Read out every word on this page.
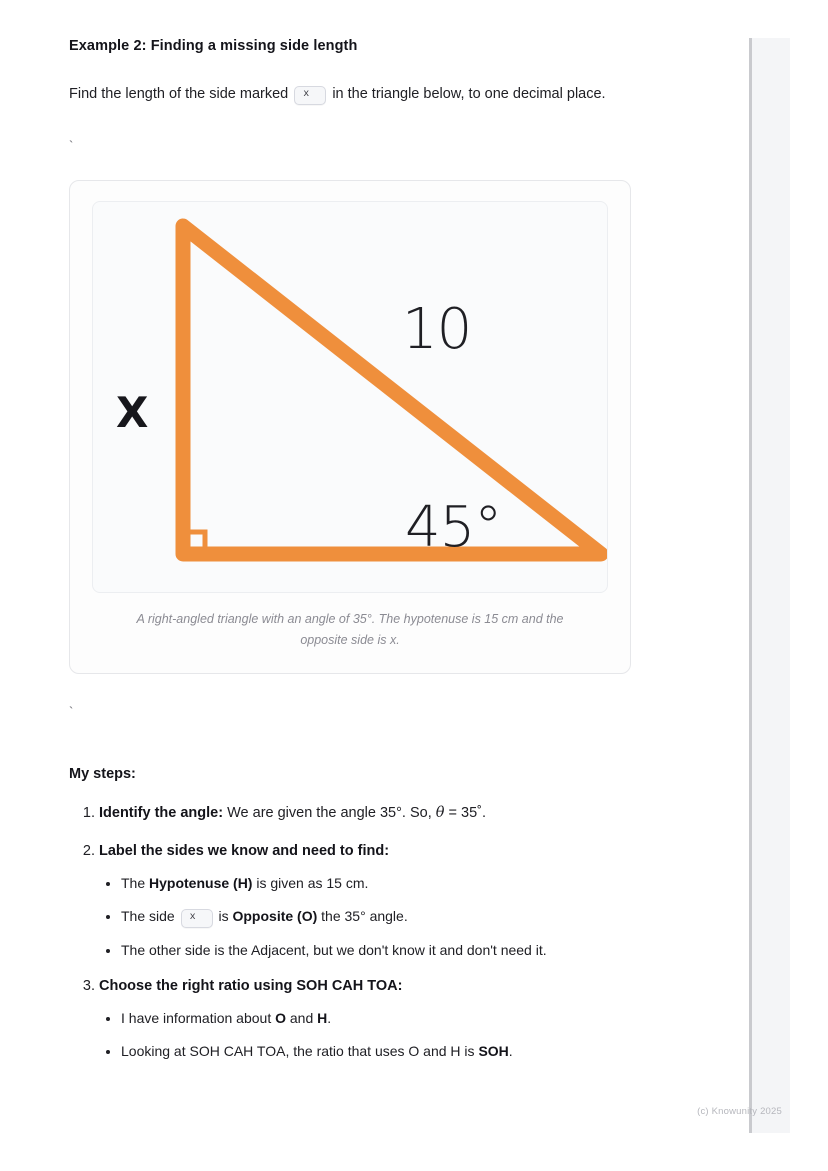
Example 2: Finding a missing side length

Find the length of the side marked x in the triangle below, to one decimal place.

`

10
X
45°
A right-angled triangle with an angle of 35°. The hypotenuse is 15 cm and the opposite side is x.

`

My steps:

1. Identify the angle: We are given the angle 35°. So, θ = 35˚.
2. Label the sides we know and need to find:
• The Hypotenuse (H) is given as 15 cm.
• The side x is Opposite (O) the 35° angle.
• The other side is the Adjacent, but we don't know it and don't need it.
3. Choose the right ratio using SOH CAH TOA:
• I have information about O and H.
• Looking at SOH CAH TOA, the ratio that uses O and H is SOH.
(c) Knowunity 2025
